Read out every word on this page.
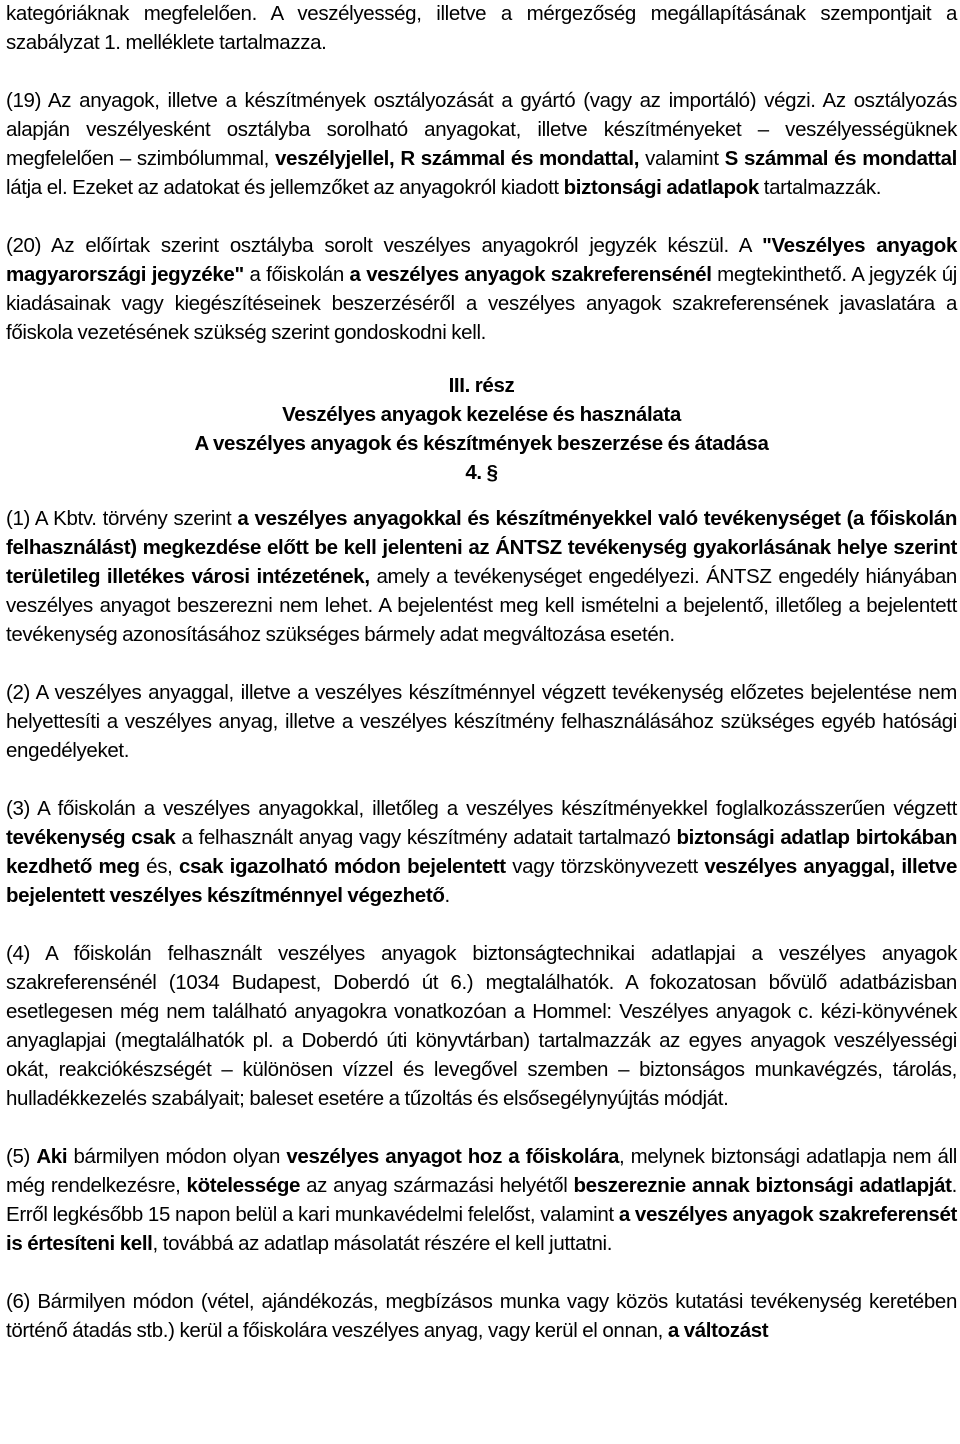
kategóriáknak megfelelően. A veszélyesség, illetve a mérgezőség megállapításának szempontjait a szabályzat 1. melléklete tartalmazza.

(19) Az anyagok, illetve a készítmények osztályozását a gyártó (vagy az importáló) végzi. Az osztályozás alapján veszélyesként osztályba sorolható anyagokat, illetve készítményeket – veszélyességüknek megfelelően – szimbólummal, veszélyjellel, R számmal és mondattal, valamint S számmal és mondattal látja el. Ezeket az adatokat és jellemzőket az anyagokról kiadott biztonsági adatlapok tartalmazzák.

(20) Az előírtak szerint osztályba sorolt veszélyes anyagokról jegyzék készül. A "Veszélyes anyagok magyarországi jegyzéke" a főiskolán a veszélyes anyagok szakreferensénél megtekinthető. A jegyzék új kiadásainak vagy kiegészítéseinek beszerzéséről a veszélyes anyagok szakreferensének javaslatára a főiskola vezetésének szükség szerint gondoskodni kell.

III. rész

Veszélyes anyagok kezelése és használata

A veszélyes anyagok és készítmények beszerzése és átadása

4. §

(1) A Kbtv. törvény szerint a veszélyes anyagokkal és készítményekkel való tevékenységet (a főiskolán felhasználást) megkezdése előtt be kell jelenteni az ÁNTSZ tevékenység gyakorlásának helye szerint területileg illetékes városi intézetének, amely a tevékenységet engedélyezi. ÁNTSZ engedély hiányában veszélyes anyagot beszerezni nem lehet. A bejelentést meg kell ismételni a bejelentő, illetőleg a bejelentett tevékenység azonosításához szükséges bármely adat megváltozása esetén.

(2) A veszélyes anyaggal, illetve a veszélyes készítménnyel végzett tevékenység előzetes bejelentése nem helyettesíti a veszélyes anyag, illetve a veszélyes készítmény felhasználásához szükséges egyéb hatósági engedélyeket.

(3) A főiskolán a veszélyes anyagokkal, illetőleg a veszélyes készítményekkel foglalkozásszerűen végzett tevékenység csak a felhasznált anyag vagy készítmény adatait tartalmazó biztonsági adatlap birtokában kezdhető meg és, csak igazolható módon bejelentett vagy törzskönyvezett veszélyes anyaggal, illetve bejelentett veszélyes készítménnyel végezhető.

(4) A főiskolán felhasznált veszélyes anyagok biztonságtechnikai adatlapjai a veszélyes anyagok szakreferensénél (1034 Budapest, Doberdó út 6.) megtalálhatók. A fokozatosan bővülő adatbázisban esetlegesen még nem található anyagokra vonatkozóan a Hommel: Veszélyes anyagok c. kézi-könyvének anyaglapjai (megtalálhatók pl. a Doberdó úti könyvtárban) tartalmazzák az egyes anyagok veszélyességi okát, reakciókészségét – különösen vízzel és levegővel szemben – biztonságos munkavégzés, tárolás, hulladékkezelés szabályait; baleset esetére a tűzoltás és elsősegélynyújtás módját.

(5) Aki bármilyen módon olyan veszélyes anyagot hoz a főiskolára, melynek biztonsági adatlapja nem áll még rendelkezésre, kötelessége az anyag származási helyétől beszereznie annak biztonsági adatlapját. Erről legkésőbb 15 napon belül a kari munkavédelmi felelőst, valamint a veszélyes anyagok szakreferensét is értesíteni kell, továbbá az adatlap másolatát részére el kell juttatni.

(6) Bármilyen módon (vétel, ajándékozás, megbízásos munka vagy közös kutatási tevékenység keretében történő átadás stb.) kerül a főiskolára veszélyes anyag, vagy kerül el onnan, a változást
